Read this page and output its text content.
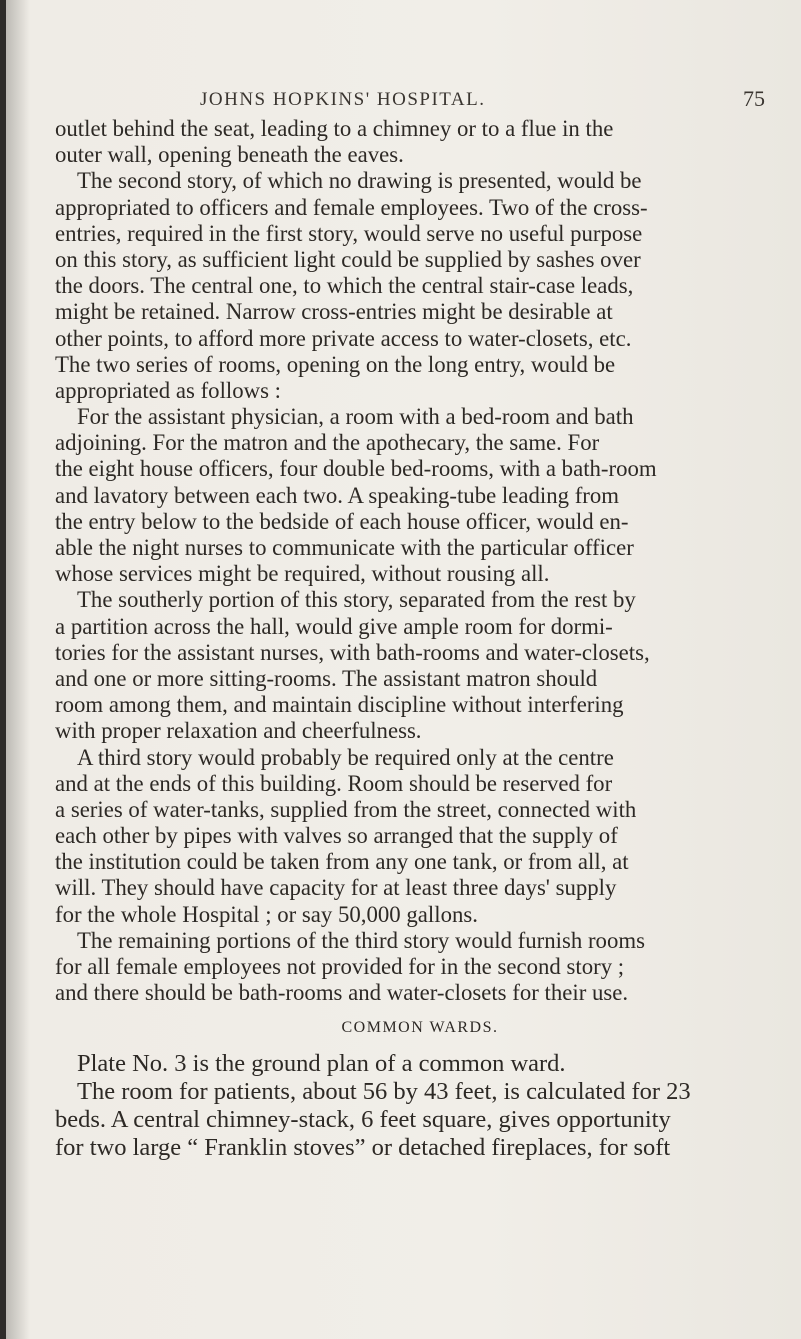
JOHNS HOPKINS' HOSPITAL.	75
outlet behind the seat, leading to a chimney or to a flue in the
outer wall, opening beneath the eaves.
The second story, of which no drawing is presented, would be
appropriated to officers and female employees. Two of the cross-
entries, required in the first story, would serve no useful purpose
on this story, as sufficient light could be supplied by sashes over
the doors. The central one, to which the central stair-case leads,
might be retained. Narrow cross-entries might be desirable at
other points, to afford more private access to water-closets, etc.
The two series of rooms, opening on the long entry, would be
appropriated as follows :
For the assistant physician, a room with a bed-room and bath
adjoining. For the matron and the apothecary, the same. For
the eight house officers, four double bed-rooms, with a bath-room
and lavatory between each two. A speaking-tube leading from
the entry below to the bedside of each house officer, would en-
able the night nurses to communicate with the particular officer
whose services might be required, without rousing all.
The southerly portion of this story, separated from the rest by
a partition across the hall, would give ample room for dormi-
tories for the assistant nurses, with bath-rooms and water-closets,
and one or more sitting-rooms. The assistant matron should
room among them, and maintain discipline without interfering
with proper relaxation and cheerfulness.
A third story would probably be required only at the centre
and at the ends of this building. Room should be reserved for
a series of water-tanks, supplied from the street, connected with
each other by pipes with valves so arranged that the supply of
the institution could be taken from any one tank, or from all, at
will. They should have capacity for at least three days' supply
for the whole Hospital ; or say 50,000 gallons.
The remaining portions of the third story would furnish rooms
for all female employees not provided for in the second story ;
and there should be bath-rooms and water-closets for their use.
COMMON WARDS.
Plate No. 3 is the ground plan of a common ward.
The room for patients, about 56 by 43 feet, is calculated for 23
beds. A central chimney-stack, 6 feet square, gives opportunity
for two large “ Franklin stoves” or detached fireplaces, for soft
